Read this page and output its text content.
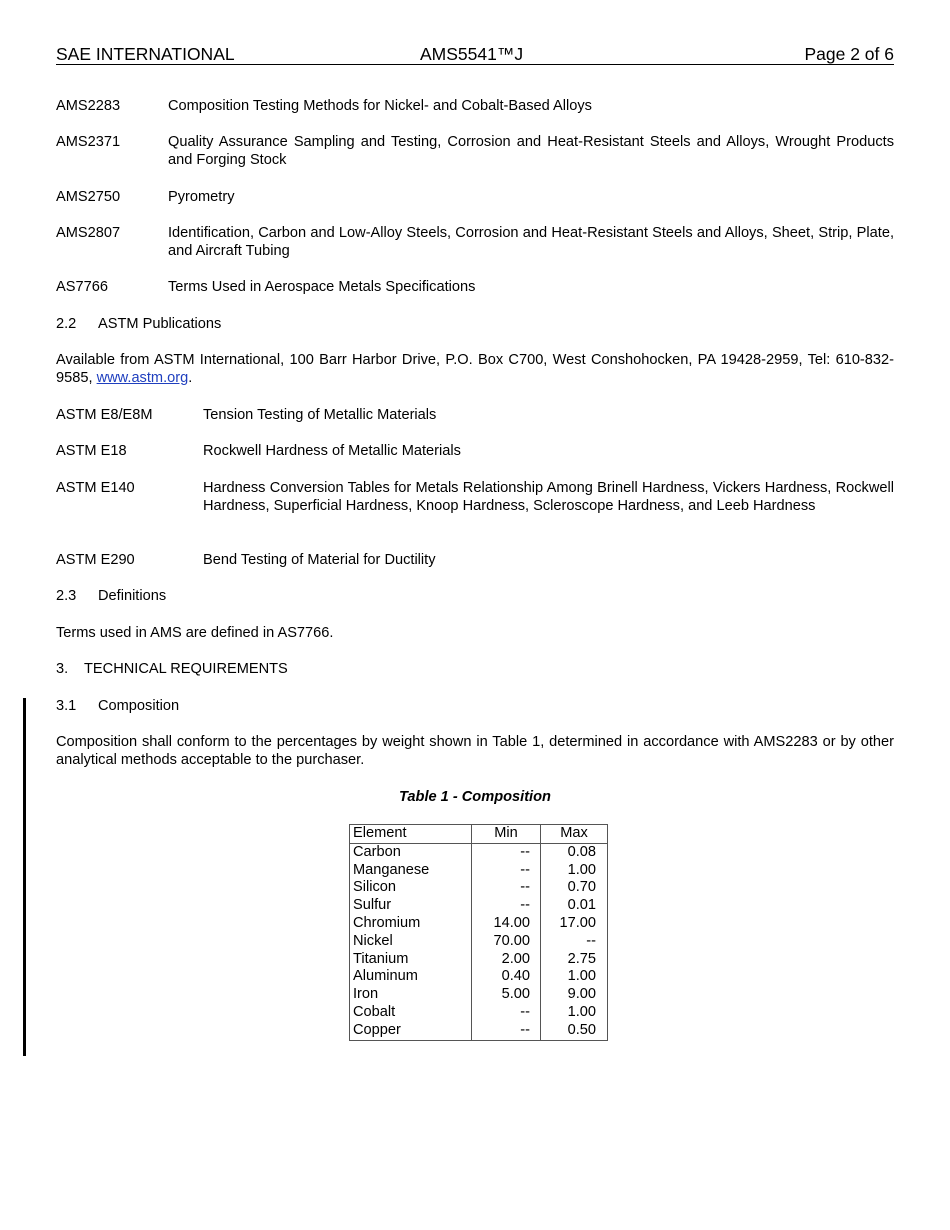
SAE INTERNATIONAL	AMS5541™J	Page 2 of 6
AMS2283	Composition Testing Methods for Nickel- and Cobalt-Based Alloys
AMS2371	Quality Assurance Sampling and Testing, Corrosion and Heat-Resistant Steels and Alloys, Wrought Products and Forging Stock
AMS2750	Pyrometry
AMS2807	Identification, Carbon and Low-Alloy Steels, Corrosion and Heat-Resistant Steels and Alloys, Sheet, Strip, Plate, and Aircraft Tubing
AS7766	Terms Used in Aerospace Metals Specifications
2.2 ASTM Publications
Available from ASTM International, 100 Barr Harbor Drive, P.O. Box C700, West Conshohocken, PA 19428-2959, Tel: 610-832-9585, www.astm.org.
ASTM E8/E8M	Tension Testing of Metallic Materials
ASTM E18	Rockwell Hardness of Metallic Materials
ASTM E140	Hardness Conversion Tables for Metals Relationship Among Brinell Hardness, Vickers Hardness, Rockwell Hardness, Superficial Hardness, Knoop Hardness, Scleroscope Hardness, and Leeb Hardness
ASTM E290	Bend Testing of Material for Ductility
2.3 Definitions
Terms used in AMS are defined in AS7766.
3. TECHNICAL REQUIREMENTS
3.1 Composition
Composition shall conform to the percentages by weight shown in Table 1, determined in accordance with AMS2283 or by other analytical methods acceptable to the purchaser.
Table 1 - Composition
Element	Min	Max
Carbon	--	0.08
Manganese	--	1.00
Silicon	--	0.70
Sulfur	--	0.01
Chromium	14.00	17.00
Nickel	70.00	--
Titanium	2.00	2.75
Aluminum	0.40	1.00
Iron	5.00	9.00
Cobalt	--	1.00
Copper	--	0.50
